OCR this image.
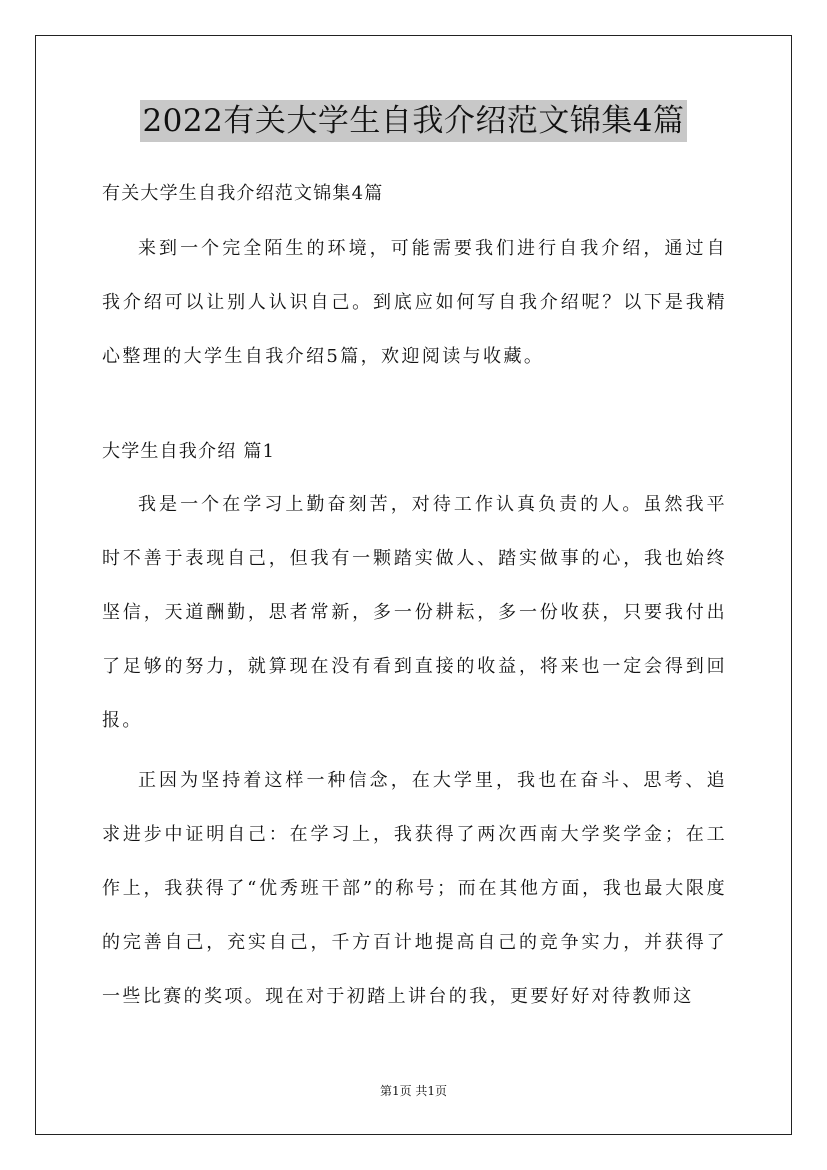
2022有关大学生自我介绍范文锦集4篇
有关大学生自我介绍范文锦集4篇

来到一个完全陌生的环境，可能需要我们进行自我介绍，通过自我介绍可以让别人认识自己。到底应如何写自我介绍呢？以下是我精心整理的大学生自我介绍5篇，欢迎阅读与收藏。

大学生自我介绍 篇1

我是一个在学习上勤奋刻苦，对待工作认真负责的人。虽然我平时不善于表现自己，但我有一颗踏实做人、踏实做事的心，我也始终坚信，天道酬勤，思者常新，多一份耕耘，多一份收获，只要我付出了足够的努力，就算现在没有看到直接的收益，将来也一定会得到回报。

正因为坚持着这样一种信念，在大学里，我也在奋斗、思考、追求进步中证明自己：在学习上，我获得了两次西南大学奖学金；在工作上，我获得了“优秀班干部”的称号；而在其他方面，我也最大限度的完善自己，充实自己，千方百计地提高自己的竞争实力，并获得了一些比赛的奖项。现在对于初踏上讲台的我，更要好好对待教师这

第1页 共1页
